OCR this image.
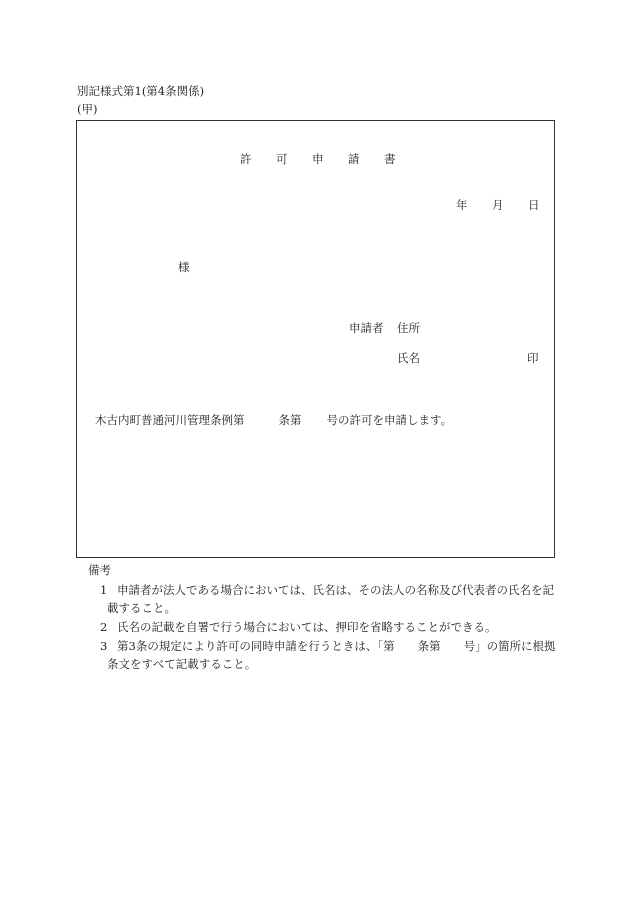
別記様式第1(第4条関係)
(甲)
許 可 申 請 書
年 月 日
様
申請者 住所
氏名	印
木古内町普通河川管理条例第	条第 号の許可を申請します。
備考
1 申請者が法人である場合においては、氏名は、その法人の名称及び代表者の氏名を記載すること。
2 氏名の記載を自署で行う場合においては、押印を省略することができる。
3 第3条の規定により許可の同時申請を行うときは、「第　　条第　　号」の箇所に根拠条文をすべて記載すること。
